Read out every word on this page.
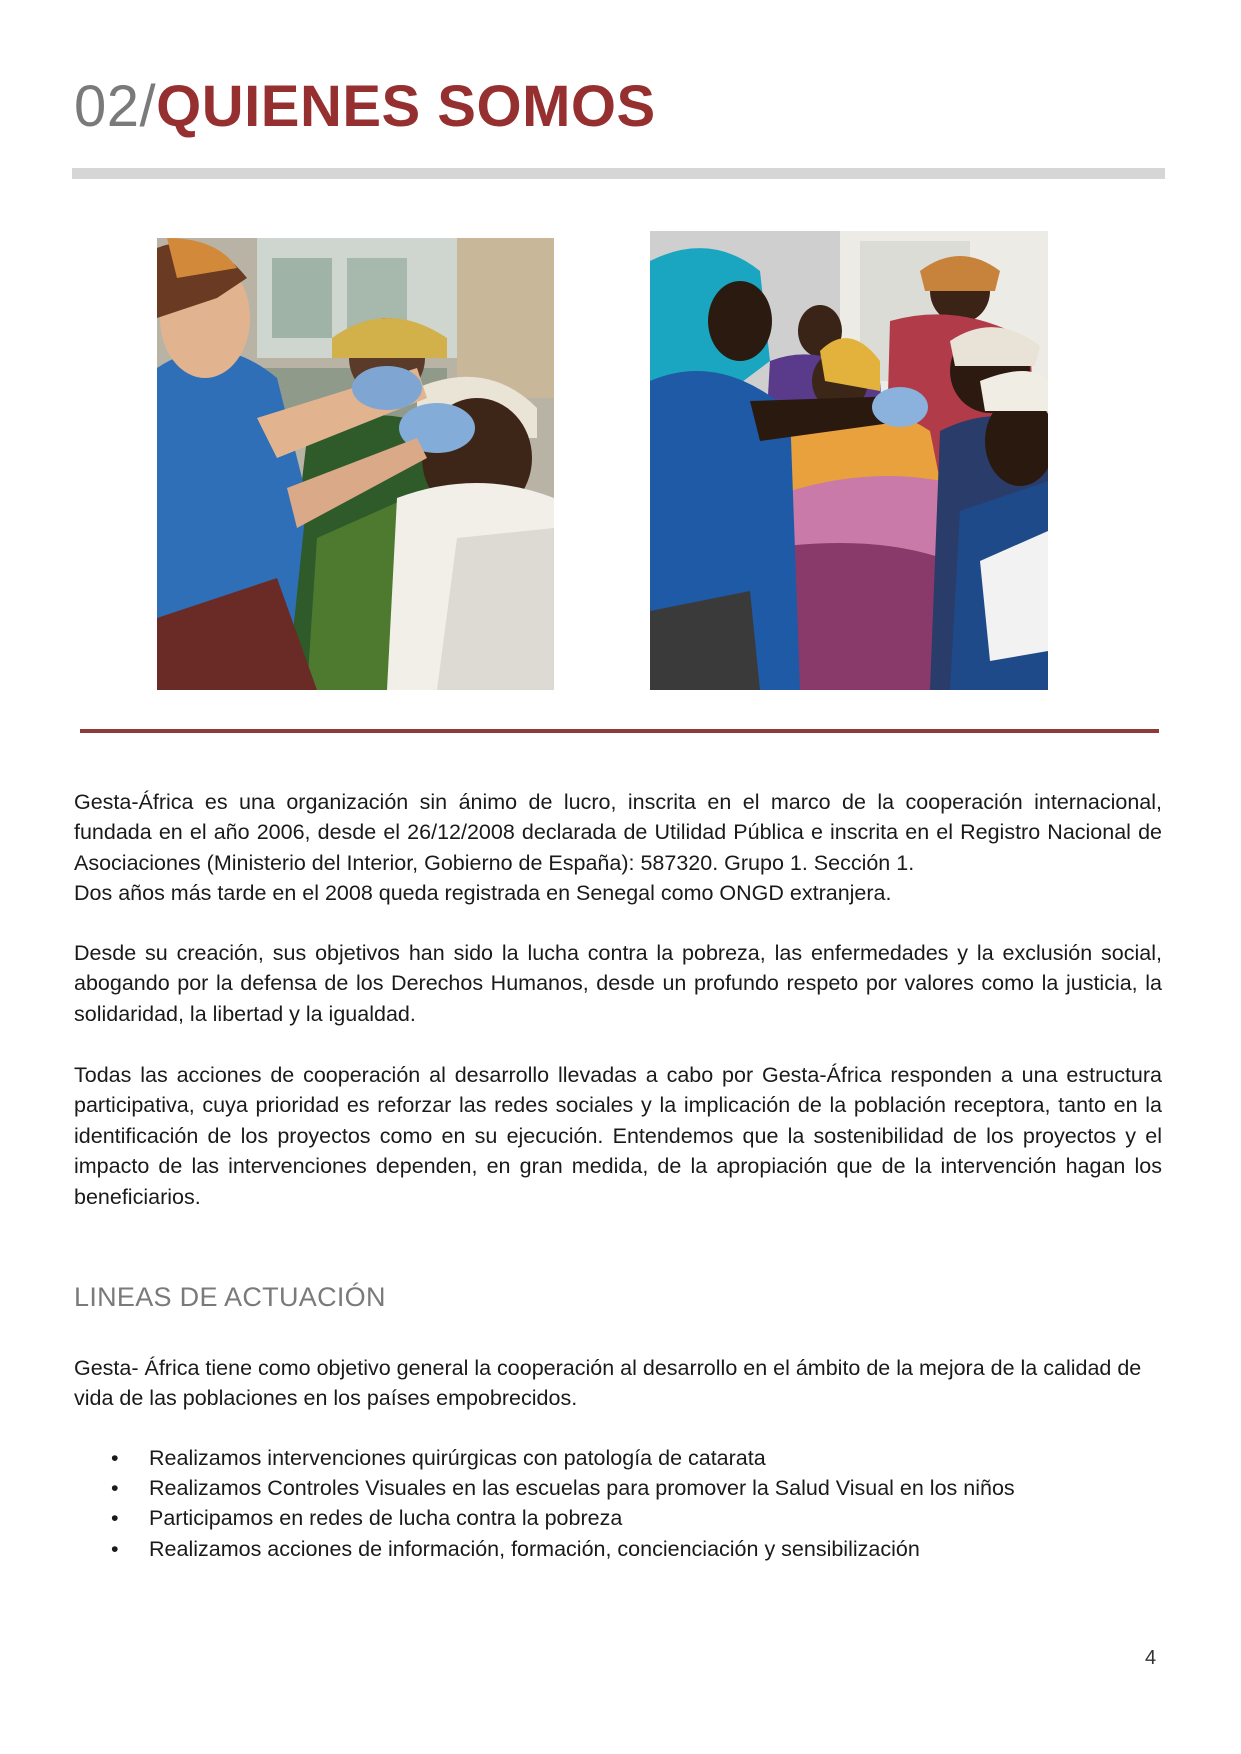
02/QUIENES SOMOS

Gesta-África es una organización sin ánimo de lucro, inscrita en el marco de la cooperación internacional, fundada en el año 2006, desde el 26/12/2008 declarada de Utilidad Pública e inscrita en el Registro Nacional de Asociaciones (Ministerio del Interior, Gobierno de España): 587320. Grupo 1. Sección 1.

Dos años más tarde en el 2008 queda registrada en Senegal como ONGD extranjera.

Desde su creación, sus objetivos han sido la lucha contra la pobreza, las enfermedades y la exclusión social, abogando por la defensa de los Derechos Humanos, desde un profundo respeto por valores como la justicia, la solidaridad, la libertad y la igualdad.

Todas las acciones de cooperación al desarrollo llevadas a cabo por Gesta-África responden a una estructura participativa, cuya prioridad es reforzar las redes sociales y la implicación de la población receptora, tanto en la identificación de los proyectos como en su ejecución. Entendemos que la sostenibilidad de los proyectos y el impacto de las intervenciones dependen, en gran medida, de la apropiación que de la intervención hagan los beneficiarios.

LINEAS DE ACTUACIÓN

Gesta- África tiene como objetivo general la cooperación al desarrollo en el ámbito de la mejora de la calidad de vida de las poblaciones en los países empobrecidos.

• Realizamos intervenciones quirúrgicas con patología de catarata
• Realizamos Controles Visuales en las escuelas para promover la Salud Visual en los niños
• Participamos en redes de lucha contra la pobreza
• Realizamos acciones de información, formación, concienciación y sensibilización
4
